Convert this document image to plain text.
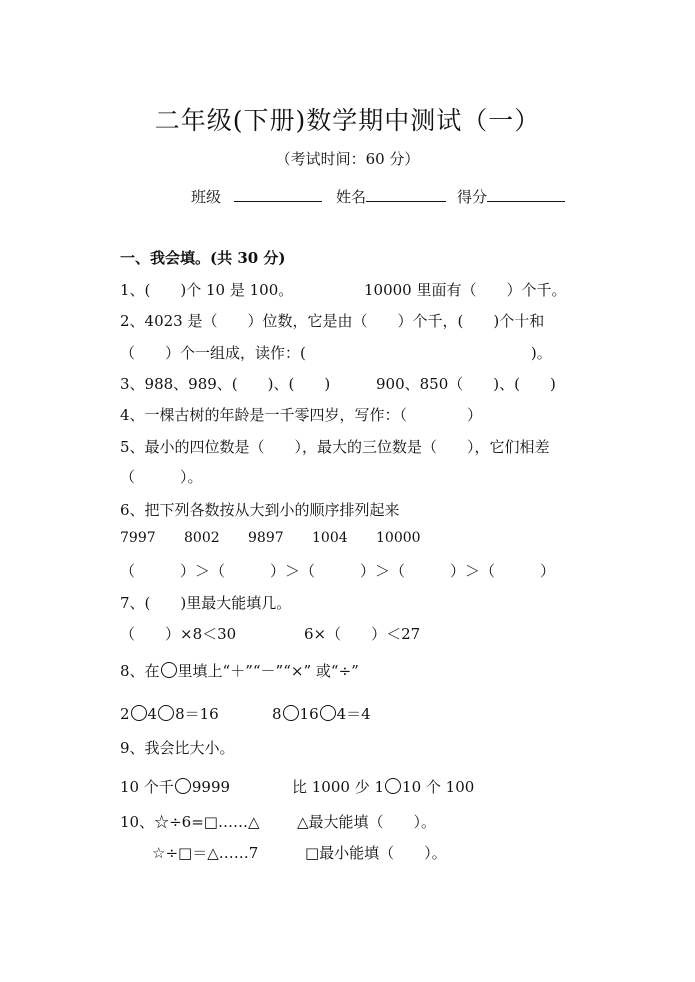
二年级(下册)数学期中测试（一）
（考试时间：60 分）
班级	姓名	得分
一、我会填。(共 30 分)
1、(　　)个 10 是 100。	10000 里面有（　　）个千。
2、4023 是（　　）位数，它是由（　　）个千，(　　)个十和
（　　）个一组成，读作：(　　　　　　　　　　　　　　　)。
3、988、989、(　　)、(　　)	900、850（　　)、(　　)
4、一棵古树的年龄是一千零四岁，写作：（　　　　）
5、最小的四位数是（　　），最大的三位数是（　　），它们相差
（　　　）。
6、把下列各数按从大到小的顺序排列起来
7997 8002 9897 1004 10000
（　　　）＞（　　　）＞（　　　）＞（　　　）＞（　　　）
7、(　　)里最大能填几。
（　　）×8＜30	6×（　　）＜27
8、在 里填上“＋”“－”“×” 或“÷”
2 4 8＝16	8 16 4＝4
9、我会比大小。
10 个千 9999	比 1000 少 1 10 个 100
10、☆÷6=□……△	△最大能填（　　）。
☆÷□＝△……7	□最小能填（　　）。
